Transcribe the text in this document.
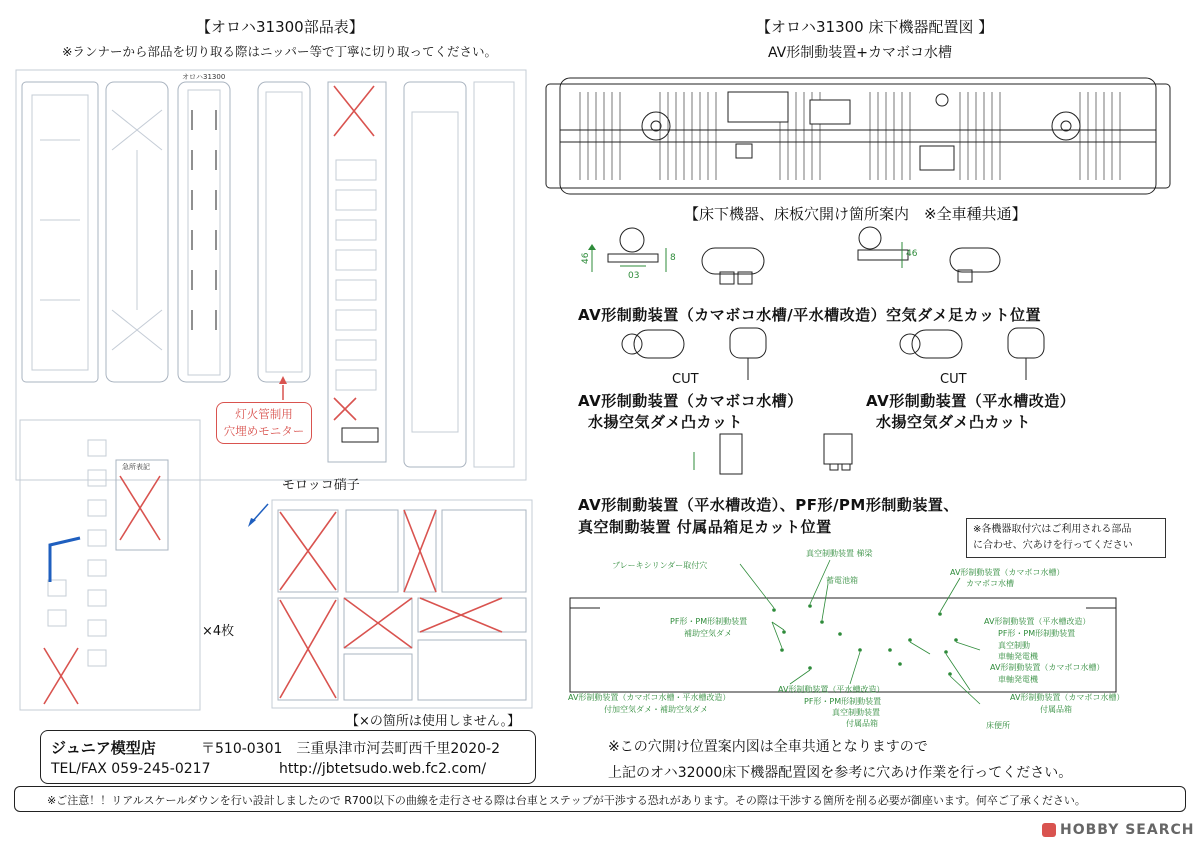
【オロハ31300部品表】
※ランナーから部品を切り取る際はニッパー等で丁寧に切り取ってください。
急所表記
オロハ31300
灯火管制用
穴埋めモニター
モロッコ硝子
×4枚
【オロハ31300 床下機器配置図 】
AV形制動装置+カマボコ水槽
【床下機器、床板穴開け箇所案内　※全車種共通】
46
03
8	46
CUT	CUT
AV形制動装置（カマボコ水槽/平水槽改造）空気ダメ足カット位置
AV形制動装置（カマボコ水槽）
水揚空気ダメ凸カット
AV形制動装置（平水槽改造）
水揚空気ダメ凸カット
AV形制動装置（平水槽改造）、PF形/PM形制動装置、
真空制動装置 付属品箱足カット位置	※各機器取付穴はご利用される部品
に合わせ、穴あけを行ってください
ブレーキシリンダー取付穴
真空制動装置 梯梁
蓄電池箱
AV形制動装置（カマボコ水槽）
カマボコ水槽
PF形・PM形制動装置
補助空気ダメ
AV形制動装置（平水槽改造）
PF形・PM形制動装置
真空制動
車軸発電機
AV形制動装置（カマボコ水槽）
車軸発電機
AV形制動装置（カマボコ水槽・平水槽改造）
付加空気ダメ・補助空気ダメ
AV形制動装置（平水槽改造）
PF形・PM形制動装置
真空制動装置
付属品箱
AV形制動装置（カマボコ水槽）
付属品箱
床便所
※この穴開け位置案内図は全車共通となりますので
上記のオハ32000床下機器配置図を参考に穴あけ作業を行ってください。
【×の箇所は使用しません。】
ジュニア模型店	〒510-0301　三重県津市河芸町西千里2020-2
TEL/FAX 059-245-0217	http://jbtetsudo.web.fc2.com/
※ご注意！！リアルスケールダウンを行い設計しましたので R700以下の曲線を走行させる際は台車とステップが干渉する恐れがあります。その際は干渉する箇所を削る必要が御座います。何卒ご了承ください。
HOBBY SEARCH
